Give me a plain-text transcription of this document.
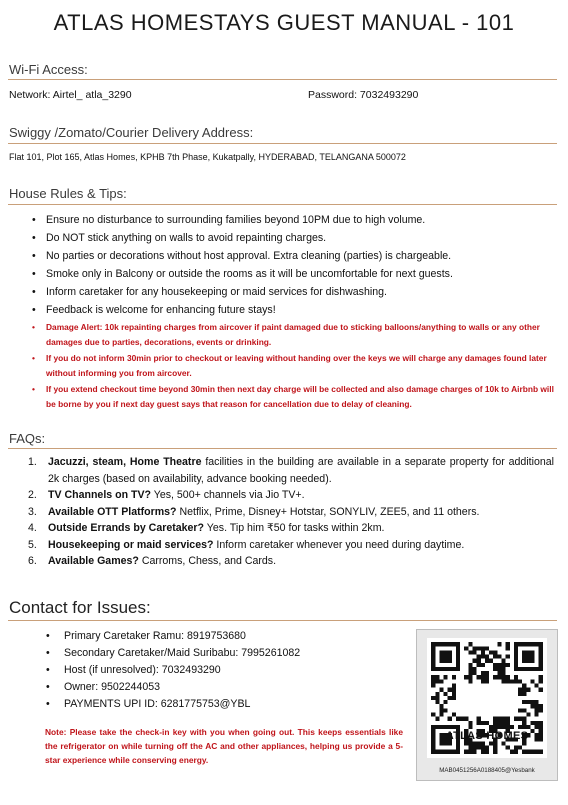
ATLAS HOMESTAYS GUEST MANUAL - 101
Wi-Fi Access:
Network: Airtel_ atla_3290	Password: 7032493290
Swiggy /Zomato/Courier Delivery Address:
Flat 101, Plot 165, Atlas Homes, KPHB 7th Phase, Kukatpally, HYDERABAD, TELANGANA 500072
House Rules & Tips:
• Ensure no disturbance to surrounding families beyond 10PM due to high volume.
• Do NOT stick anything on walls to avoid repainting charges.
• No parties or decorations without host approval. Extra cleaning (parties) is chargeable.
• Smoke only in Balcony or outside the rooms as it will be uncomfortable for next guests.
• Inform caretaker for any housekeeping or maid services for dishwashing.
• Feedback is welcome for enhancing future stays!
• Damage Alert: 10k repainting charges from aircover if paint damaged due to sticking balloons/anything to walls or any other damages due to parties, decorations, events or drinking.
• If you do not inform 30min prior to checkout or leaving without handing over the keys we will charge any damages found later without informing you from aircover.
• If you extend checkout time beyond 30min then next day charge will be collected and also damage charges of 10k to Airbnb will be borne by you if next day guest says that reason for cancellation due to delay of cleaning.
FAQs:
1. Jacuzzi, steam, Home Theatre facilities in the building are available in a separate property for additional 2k charges (based on availability, advance booking needed).
2. TV Channels on TV? Yes, 500+ channels via Jio TV+.
3. Available OTT Platforms? Netflix, Prime, Disney+ Hotstar, SONYLIV, ZEE5, and 11 others.
4. Outside Errands by Caretaker? Yes. Tip him ₹50 for tasks within 2km.
5. Housekeeping or maid services? Inform caretaker whenever you need during daytime.
6. Available Games? Carroms, Chess, and Cards.
Contact for Issues:
• Primary Caretaker Ramu: 8919753680
• Secondary Caretaker/Maid Suribabu: 7995261082
• Host (if unresolved): 7032493290
• Owner: 9502244053
• PAYMENTS UPI ID: 6281775753@YBL
Note: Please take the check-in key with you when going out. This keeps essentials like the refrigerator on while turning off the AC and other appliances, helping us provide a 5-star experience while conserving energy.
ATLAS HOMES
MAB0451256A0188405@Yesbank
